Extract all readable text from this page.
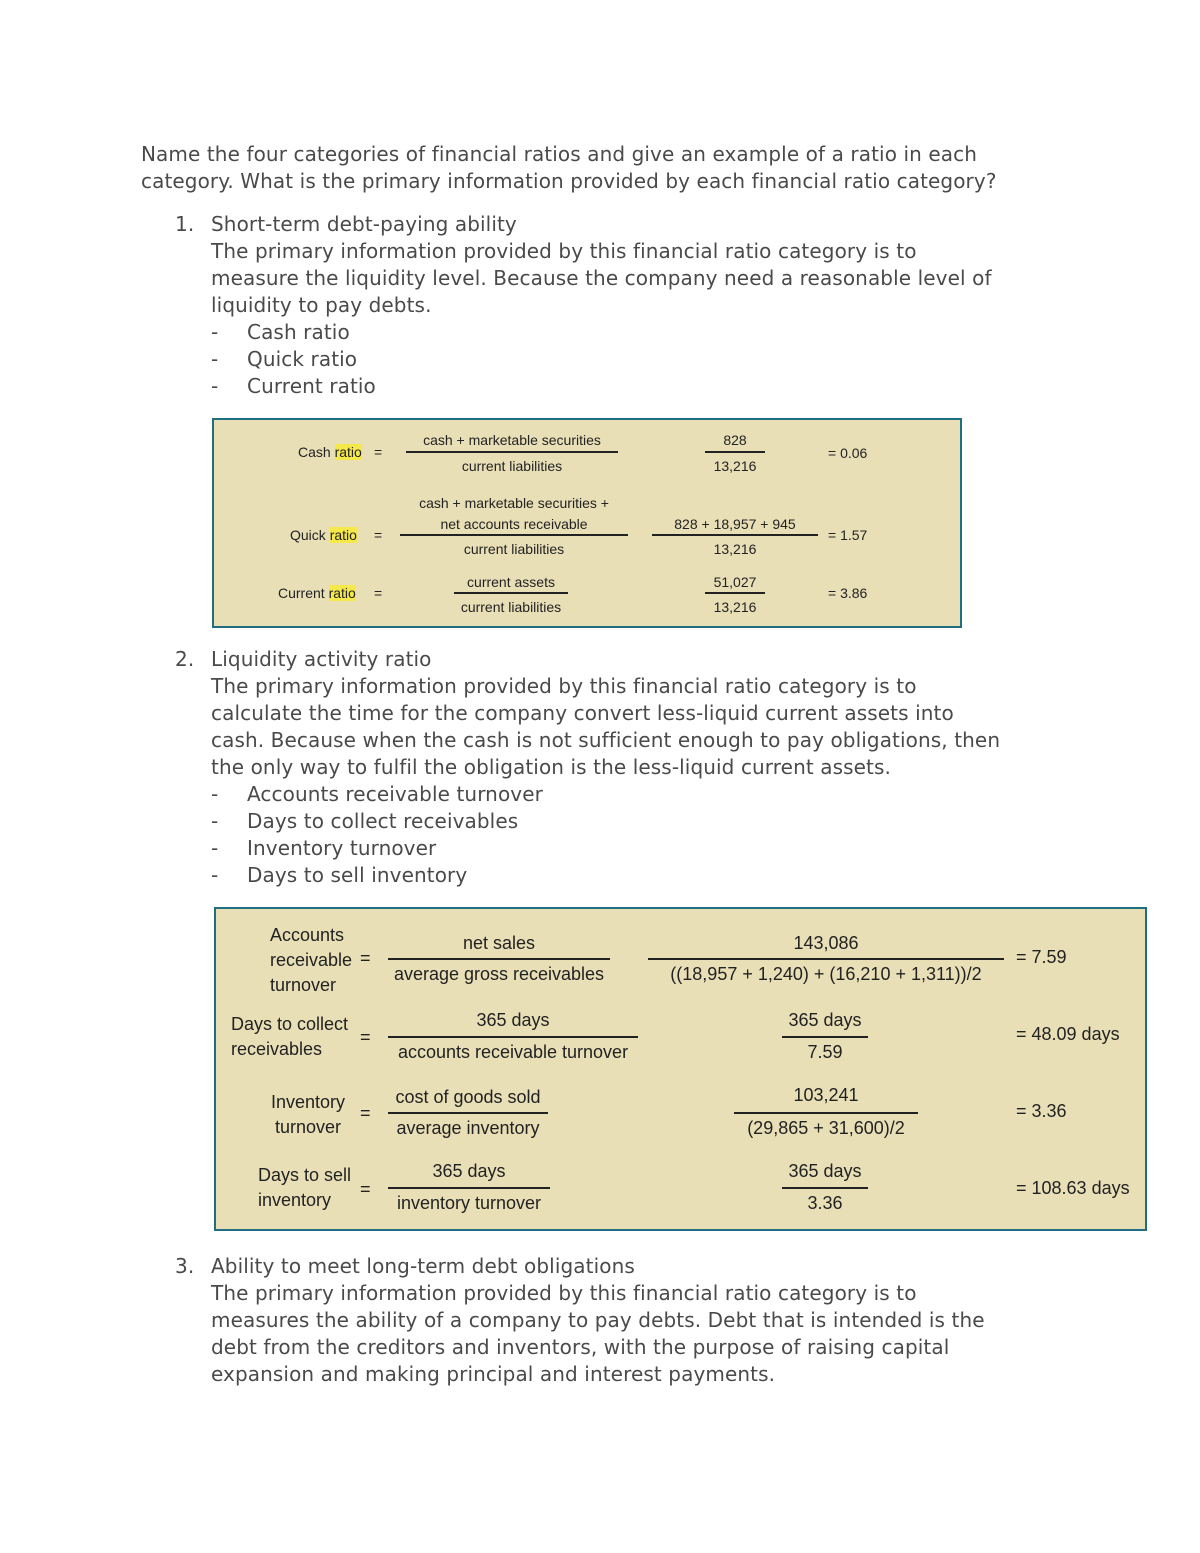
Name the four categories of financial ratios and give an example of a ratio in each
category. What is the primary information provided by each financial ratio category?
1. Short-term debt-paying ability
The primary information provided by this financial ratio category is to
measure the liquidity level. Because the company need a reasonable level of
liquidity to pay debts.
- Cash ratio
- Quick ratio
- Current ratio
Cash ratio =
cash + marketable securities
current liabilities
828
13,216
= 0.06
Quick ratio =
cash + marketable securities +
net accounts receivable
current liabilities
828 + 18,957 + 945
13,216
= 1.57
Current ratio =
current assets
current liabilities
51,027
13,216
= 3.86
2. Liquidity activity ratio
The primary information provided by this financial ratio category is to
calculate the time for the company convert less-liquid current assets into
cash. Because when the cash is not sufficient enough to pay obligations, then
the only way to fulfil the obligation is the less-liquid current assets.
- Accounts receivable turnover
- Days to collect receivables
- Inventory turnover
- Days to sell inventory
Accounts
receivable
turnover
=
net sales
average gross receivables
143,086
((18,957 + 1,240) + (16,210 + 1,311))/2
= 7.59
Days to collect
receivables
=
365 days
accounts receivable turnover
365 days
7.59
= 48.09 days
Inventory
turnover
=
cost of goods sold
average inventory
103,241
(29,865 + 31,600)/2
= 3.36
Days to sell
inventory
=
365 days
inventory turnover
365 days
3.36
= 108.63 days
3. Ability to meet long-term debt obligations
The primary information provided by this financial ratio category is to
measures the ability of a company to pay debts. Debt that is intended is the
debt from the creditors and inventors, with the purpose of raising capital
expansion and making principal and interest payments.
